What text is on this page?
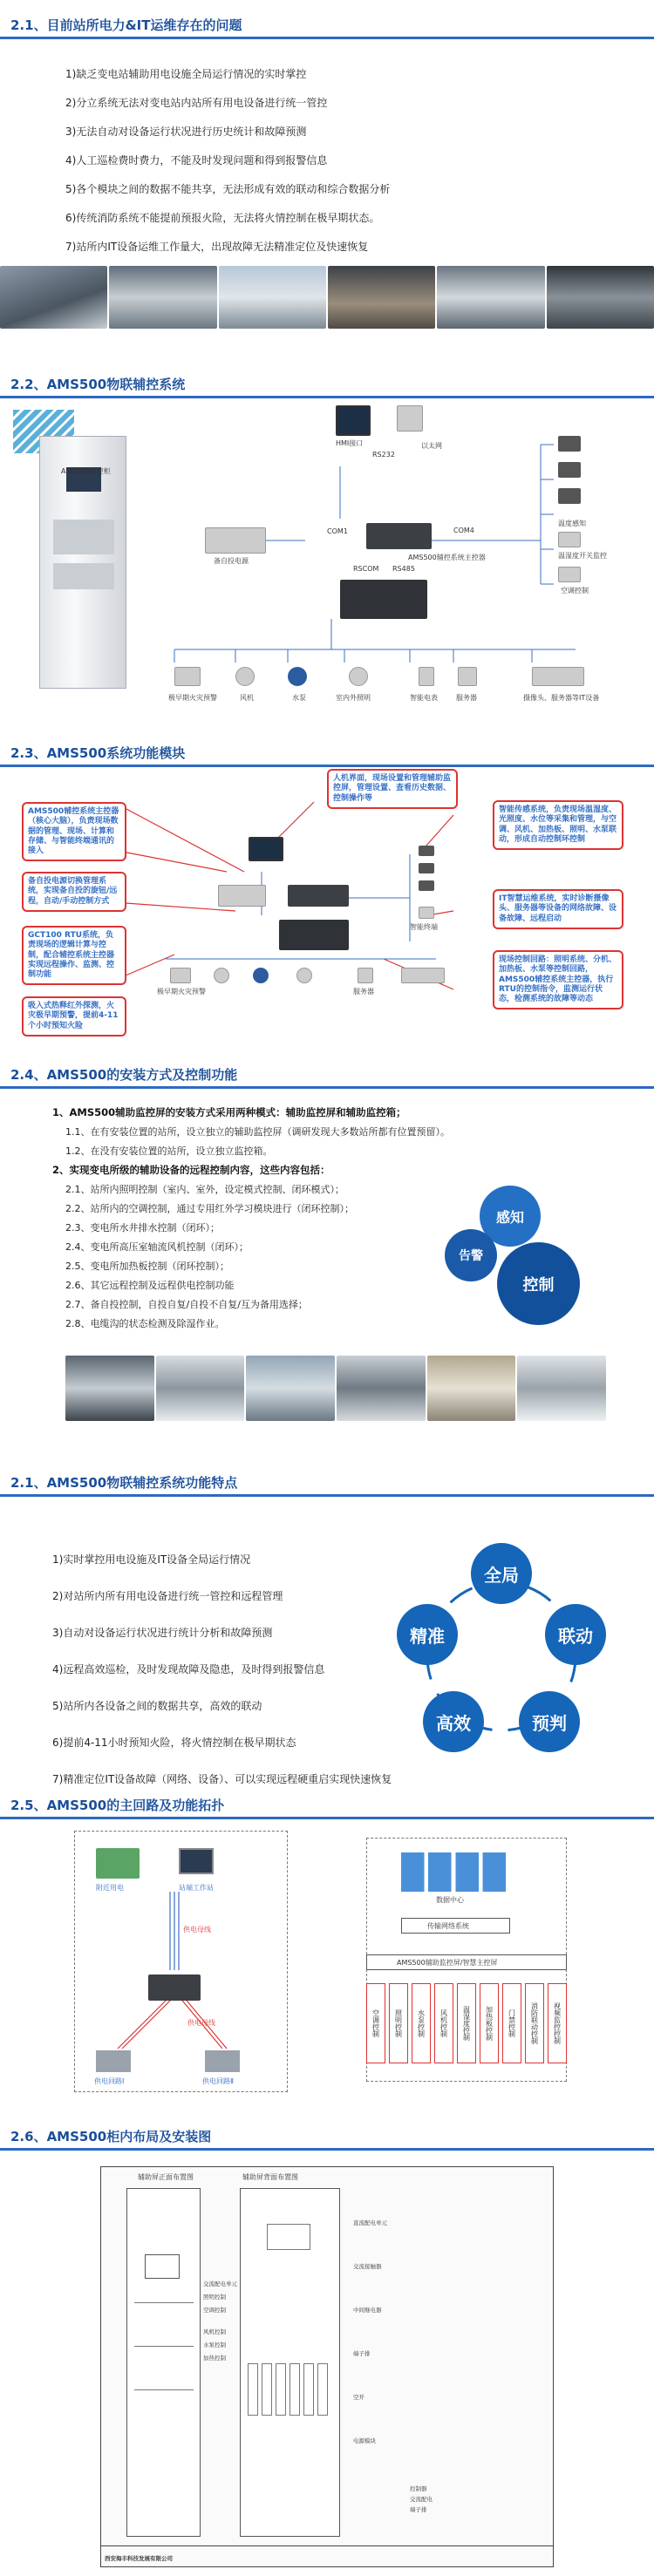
2.1、目前站所电力&IT运维存在的问题
1)缺乏变电站辅助用电设施全局运行情况的实时掌控
2)分立系统无法对变电站内站所有用电设备进行统一管控
3)无法自动对设备运行状况进行历史统计和故障预测
4)人工巡检费时费力，不能及时发现问题和得到报警信息
5)各个模块之间的数据不能共享，无法形成有效的联动和综合数据分析
6)传统消防系统不能提前预报火险，无法将火情控制在极早期状态。
7)站所内IT设备运维工作量大，出现故障无法精准定位及快速恢复
2.2、AMS500物联辅控系统
AMS500辅控柜
HMI接口	以太网
RS232
备自投电源
COM1
AMS500辅控系统主控器
COM4
RSCOM RS485
温度感知
温湿度开关监控
空调控制
极早期火灾预警	风机	水泵	室内外照明	智能电表	服务器	摄像头、服务器等IT设备
2.3、AMS500系统功能模块
人机界面，现场设置和管理辅助监控屏，管理设置、查看历史数据、控制操作等
AMS500辅控系统主控器（核心大脑），负责现场数据的管理、现场、计算和存储、与智能终端通讯的接入
备自投电源切换管理系统，实现备自投的旋钮/远程，自动/手动控制方式
GCT100 RTU系统，负责现场的逻辑计算与控制，配合辅控系统主控器实现远程操作、监测、控制功能
吸入式热释红外探测，火灾极早期预警，提前4-11个小时预知火险
智能传感系统，负责现场温湿度、光照度、水位等采集和管理，与空调、风机、加热板、照明、水泵联动，形成自动控制环控制
IT智慧运维系统，实时诊断摄像头、服务器等设备的网络故障、设备故障、远程启动
现场控制回路：照明系统、分机、加热板、水泵等控制回路，AMS500辅控系统主控器，执行RTU的控制指令，监测运行状态，检测系统的故障等动态
智能终端
极早期火灾预警	服务器
2.4、AMS500的安装方式及控制功能
1、AMS500辅助监控屏的安装方式采用两种模式：辅助监控屏和辅助监控箱；
1.1、在有安装位置的站所，设立独立的辅助监控屏（调研发现大多数站所都有位置预留）。
1.2、在没有安装位置的站所，设立独立监控箱。
2、实现变电所级的辅助设备的远程控制内容，这些内容包括：
2.1、站所内照明控制（室内、室外，设定模式控制、闭环模式）；
2.2、站所内的空调控制，通过专用红外学习模块进行（闭环控制）；
2.3、变电所水井排水控制（闭环）；
2.4、变电所高压室轴流风机控制（闭环）；
2.5、变电所加热板控制（闭环控制）；
2.6、其它远程控制及远程供电控制功能
2.7、备自投控制，自投自复/自投不自复/互为备用选择；
2.8、电缆沟的状态检测及除湿作业。
感知
告警
控制
2.1、AMS500物联辅控系统功能特点
1)实时掌控用电设施及IT设备全局运行情况
2)对站所内所有用电设备进行统一管控和远程管理
3)自动对设备运行状况进行统计分析和故障预测
4)远程高效巡检，及时发现故障及隐患，及时得到报警信息
5)站所内各设备之间的数据共享，高效的联动
6)提前4-11小时预知火险，将火情控制在极早期状态
7)精准定位IT设备故障（网络、设备）、可以实现远程硬重启实现快速恢复
全局
精准	联动
高效	预判
2.5、AMS500的主回路及功能拓扑
附近用电	站端工作站
供电母线
供电母线
供电回路Ⅰ	供电回路Ⅱ
数据中心
传输网络系统
AMS500辅助监控屏/智慧主控屏
空调控制	照明控制	水泵控制	风机控制	温湿度控制	加热板控制	门禁控制	消防联动控制	视频监控控制
2.6、AMS500柜内布局及安装图
辅助屏正面布置图	辅助屏背面布置图
交流配电单元
照明控制
空调控制
风机控制
水泵控制
加热控制
直流配电单元
交流接触器
中间继电器
端子排
空开
电源模块
控制器
交流配电
端子排
西安海丰科技发展有限公司
